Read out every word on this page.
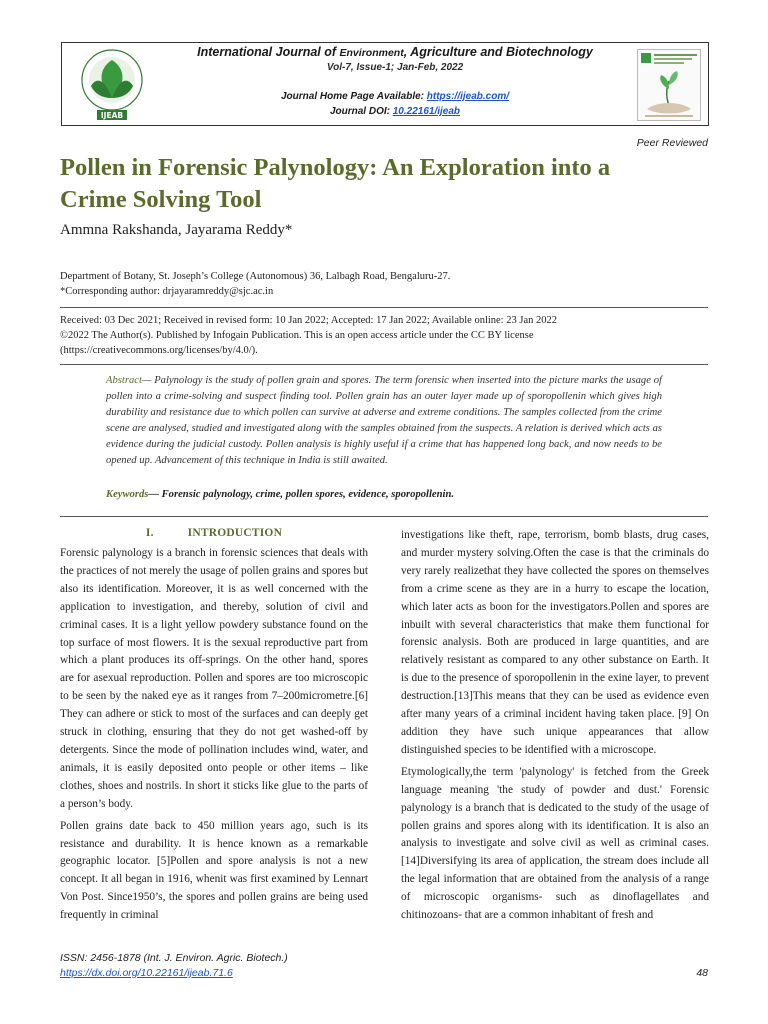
IJEAB
International Journal of Environment, Agriculture and Biotechnology
Vol-7, Issue-1; Jan-Feb, 2022
Journal Home Page Available: https://ijeab.com/
Journal DOI: 10.22161/ijeab
Peer Reviewed
Pollen in Forensic Palynology: An Exploration into a
Crime Solving Tool
Ammna Rakshanda, Jayarama Reddy*
Department of Botany, St. Joseph’s College (Autonomous) 36, Lalbagh Road, Bengaluru-27.
*Corresponding author: drjayaramreddy@sjc.ac.in
Received: 03 Dec 2021; Received in revised form: 10 Jan 2022; Accepted: 17 Jan 2022; Available online: 23 Jan 2022
©2022 The Author(s). Published by Infogain Publication. This is an open access article under the CC BY license
(https://creativecommons.org/licenses/by/4.0/).
Abstract— Palynology is the study of pollen grain and spores. The term forensic when inserted into the picture marks the usage of pollen into a crime-solving and suspect finding tool. Pollen grain has an outer layer made up of sporopollenin which gives high durability and resistance due to which pollen can survive at adverse and extreme conditions. The samples collected from the crime scene are analysed, studied and investigated along with the samples obtained from the suspects. A relation is derived which acts as evidence during the judicial custody. Pollen analysis is highly useful if a crime that has happened long back, and now needs to be opened up. Advancement of this technique in India is still awaited.
Keywords— Forensic palynology, crime, pollen spores, evidence, sporopollenin.
I.	INTRODUCTION

Forensic palynology is a branch in forensic sciences that deals with the practices of not merely the usage of pollen grains and spores but also its identification. Moreover, it is as well concerned with the application to investigation, and thereby, solution of civil and criminal cases. It is a light yellow powdery substance found on the top surface of most flowers. It is the sexual reproductive part from which a plant produces its off-springs. On the other hand, spores are for asexual reproduction. Pollen and spores are too microscopic to be seen by the naked eye as it ranges from 7–200micrometre.[6] They can adhere or stick to most of the surfaces and can deeply get struck in clothing, ensuring that they do not get washed-off by detergents. Since the mode of pollination includes wind, water, and animals, it is easily deposited onto people or other items – like clothes, shoes and nostrils. In short it sticks like glue to the parts of a person’s body.

Pollen grains date back to 450 million years ago, such is its resistance and durability. It is hence known as a remarkable geographic locator. [5]Pollen and spore analysis is not a new concept. It all began in 1916, whenit was first examined by Lennart Von Post. Since1950’s, the spores and pollen grains are being used frequently in criminal

investigations like theft, rape, terrorism, bomb blasts, drug cases, and murder mystery solving.Often the case is that the criminals do very rarely realizethat they have collected the spores on themselves from a crime scene as they are in a hurry to escape the location, which later acts as boon for the investigators.Pollen and spores are inbuilt with several characteristics that make them functional for forensic analysis. Both are produced in large quantities, and are relatively resistant as compared to any other substance on Earth. It is due to the presence of sporopollenin in the exine layer, to prevent destruction.[13]This means that they can be used as evidence even after many years of a criminal incident having taken place. [9] On addition they have such unique appearances that allow distinguished species to be identified with a microscope.

Etymologically,the term 'palynology' is fetched from the Greek language meaning 'the study of powder and dust.' Forensic palynology is a branch that is dedicated to the study of the usage of pollen grains and spores along with its identification. It is also an analysis to investigate and solve civil as well as criminal cases.[14]Diversifying its area of application, the stream does include all the legal information that are obtained from the analysis of a range of microscopic organisms- such as dinoflagellates and chitinozoans- that are a common inhabitant of fresh and

ISSN: 2456-1878 (Int. J. Environ. Agric. Biotech.)
https://dx.doi.org/10.22161/ijeab.71.6	48
